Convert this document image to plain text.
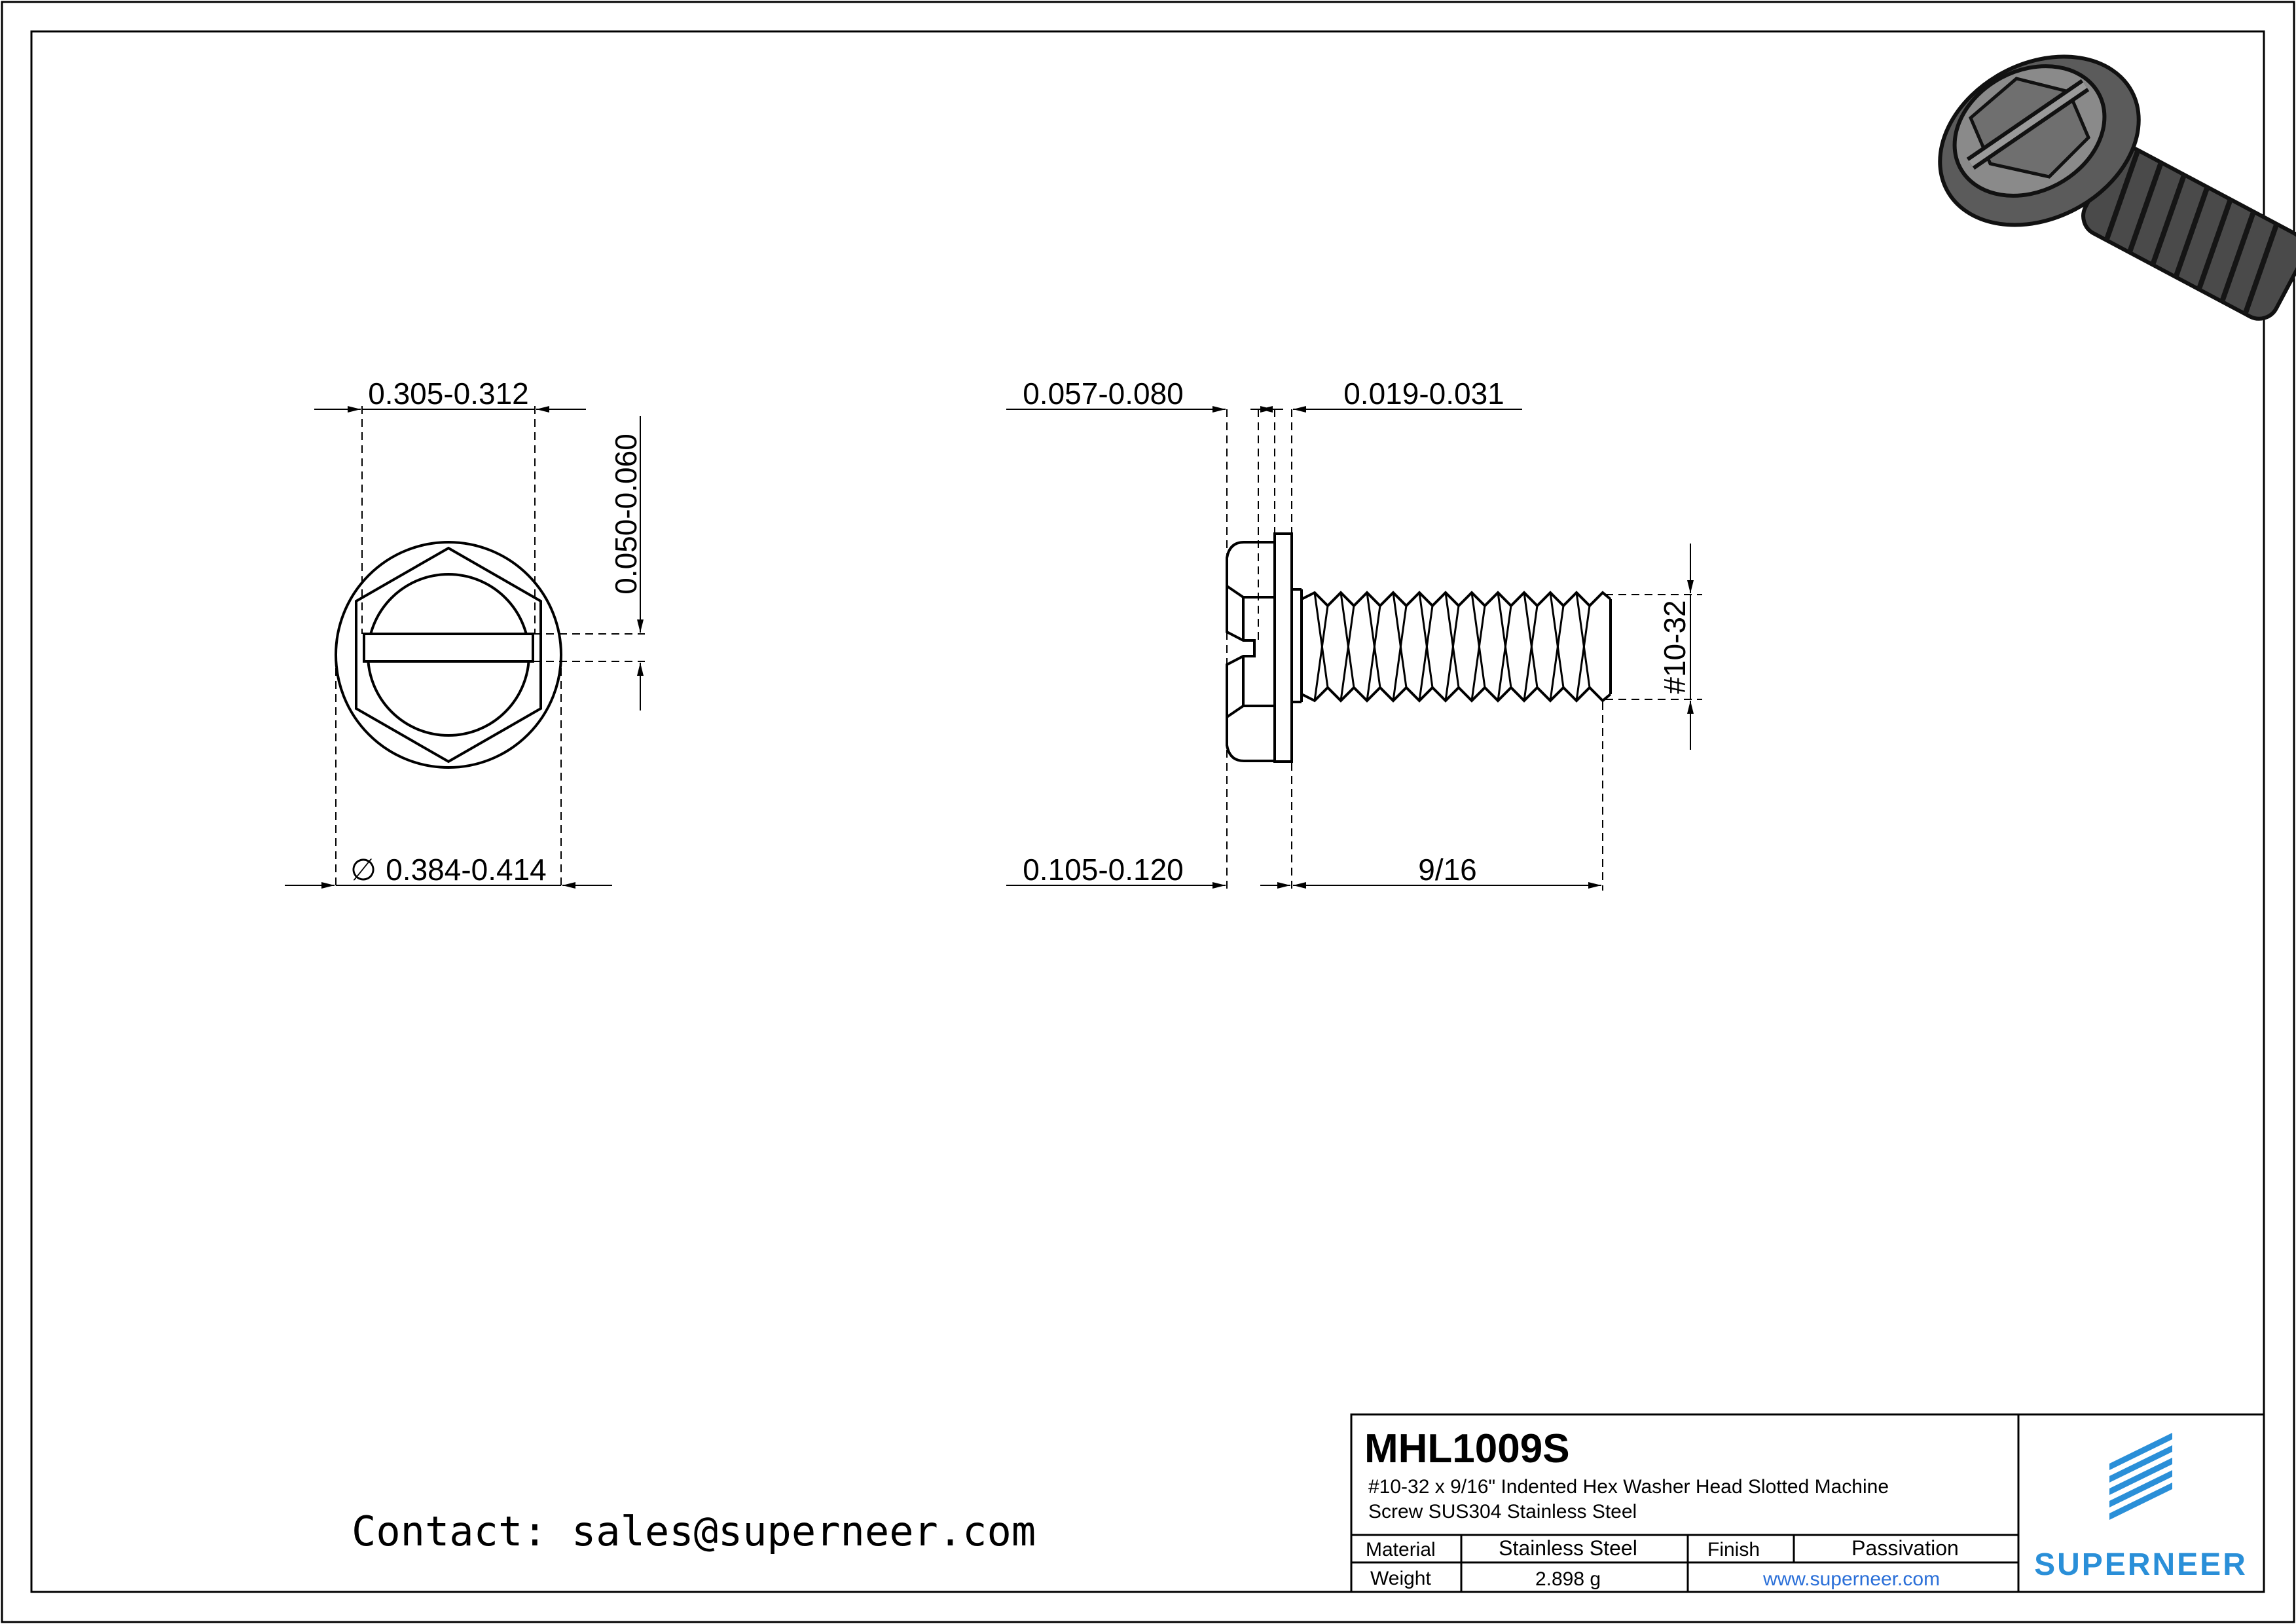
0.305-0.312
0.050-0.060
∅ 0.384-0.414
0.057-0.080	0.019-0.031
0.105-0.120	9/16
#10-32
Contact: sales@superneer.com
MHL1009S
#10-32 x 9/16" Indented Hex Washer Head Slotted Machine
Screw SUS304 Stainless Steel
Material	Stainless Steel	Finish	Passivation
Weight	2.898 g	www.superneer.com	SUPERNEER
